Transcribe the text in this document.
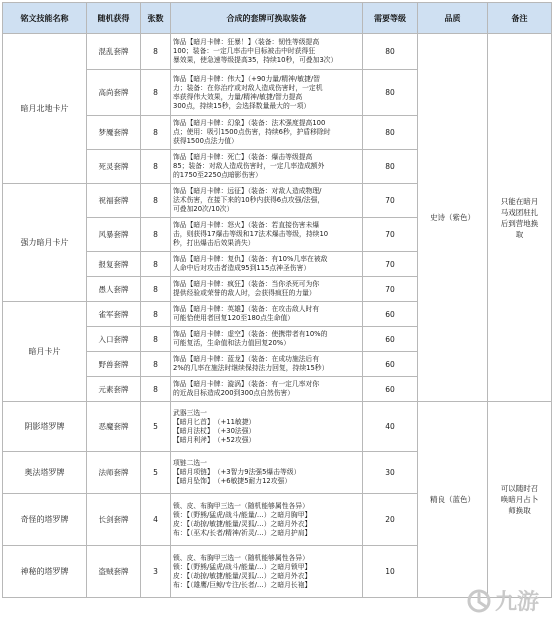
铭文技能名称	随机获得	张数	合成的套牌可换取装备	需要等级	品质	备注
暗月北地卡片	混乱套牌	8	饰品【暗月卡牌：狂暴！】（装备：韧性等级提高
100；装备：一定几率击中目标被击中时获得狂
暴效果，使急速等级提高35，持续10秒，可叠加3次）	80	史诗（紫色）	只能在暗月
马戏团驻扎
后到营地换
取

	高尚套牌	8	饰品【暗月卡牌：伟大】（+90力量/精神/敏捷/智
力；装备：在你治疗或对敌人造成伤害时，一定机
率获得伟大效果，力量/精神/敏捷/智力提高
300点，持续15秒，会选择数量最大的一项）	80		
	梦魇套牌	8	饰品【暗月卡牌：幻象】（装备：法术强度提高100
点；使用：吸引1500点伤害，持续6秒，护盾移除时
获得1500点法力值）	80		
	死灵套牌	8	饰品【暗月卡牌：死亡】（装备：爆击等级提高
85；装备：对敌人造成伤害时，一定几率造成额外
的1750至2250点暗影伤害）	80		
强力暗月卡片	祝福套牌	8	饰品【暗月卡牌：远征】（装备：对敌人造成物理/
法术伤害，在接下来的10秒内获得6点攻强/法强，
可叠加20次/10次）	70		
	风暴套牌	8	饰品【暗月卡牌：怒火】（装备：若直接伤害未爆
击，则获得17爆击等级和17法术爆击等级，持续10
秒，打出爆击后效果消失）	70		
	报复套牌	8	饰品【暗月卡牌：复仇】（装备：有10%几率在被敌
人命中后对攻击者造成95到115点神圣伤害）	70		
	愚人套牌	8	饰品【暗月卡牌：疯狂】（装备：当你杀死可为你
提供经验或荣誉的敌人时，会获得疯狂的力量）	70		
暗月卡片	雀军套牌	8	饰品【暗月卡牌：英雄】（装备：在攻击敌人时有
可能恰使用者回复120至180点生命值）	60		
	入口套牌	8	饰品【暗月卡牌：虚空】（装备：使携带者有10%的
可能复活，生命值和法力值回复20%）	60		
	野兽套牌	8	饰品【暗月卡牌：蓝龙】（装备：在成功施法后有
2%的几率在施法时继续保持法力回复，持续15秒）	60		
	元素套牌	8	饰品【暗月卡牌：漩涡】（装备：有一定几率对你
的近战目标造成200到300点自然伤害）	60		
阴影塔罗牌	恶魔套牌	5	武器三选一
【暗月匕首】　（+11敏捷）
【暗月法杖】　（+30法强）
【暗月利斧】　（+52攻强）	40	精良（蓝色）	可以随时召
唤暗月占卜
师换取

奥法塔罗牌	法师套牌	5	项链二选一
【暗月项链】　（+3智力9法强5爆击等级）
【暗月坠饰】　（+6敏捷5耐力12攻强）	30		
奇怪的塔罗牌	长剑套牌	4	锁、皮、布胸甲三选一（随机能够属性各异）
锁：【（野熊/猛虎/战斗/能量/…）之暗月胸甲】
皮：【（劫掠/敏捷/能量/灵狐/…）之暗月外衣】
布：【（巫术/长者/精神/祈灵/…）之暗月护肩】	20		
神秘的塔罗牌	盗贼套牌	3	锁、皮、布胸甲三选一（随机能够属性各异）
锁：【（野熊/猛虎/战斗/能量/…）之暗月锁甲】
皮：【（劫掠/敏捷/能量/灵狐/…）之暗月外衣】
布：【（雄鹰/巨鲸/专注/长者/…）之暗月长袍】	10		
九游
